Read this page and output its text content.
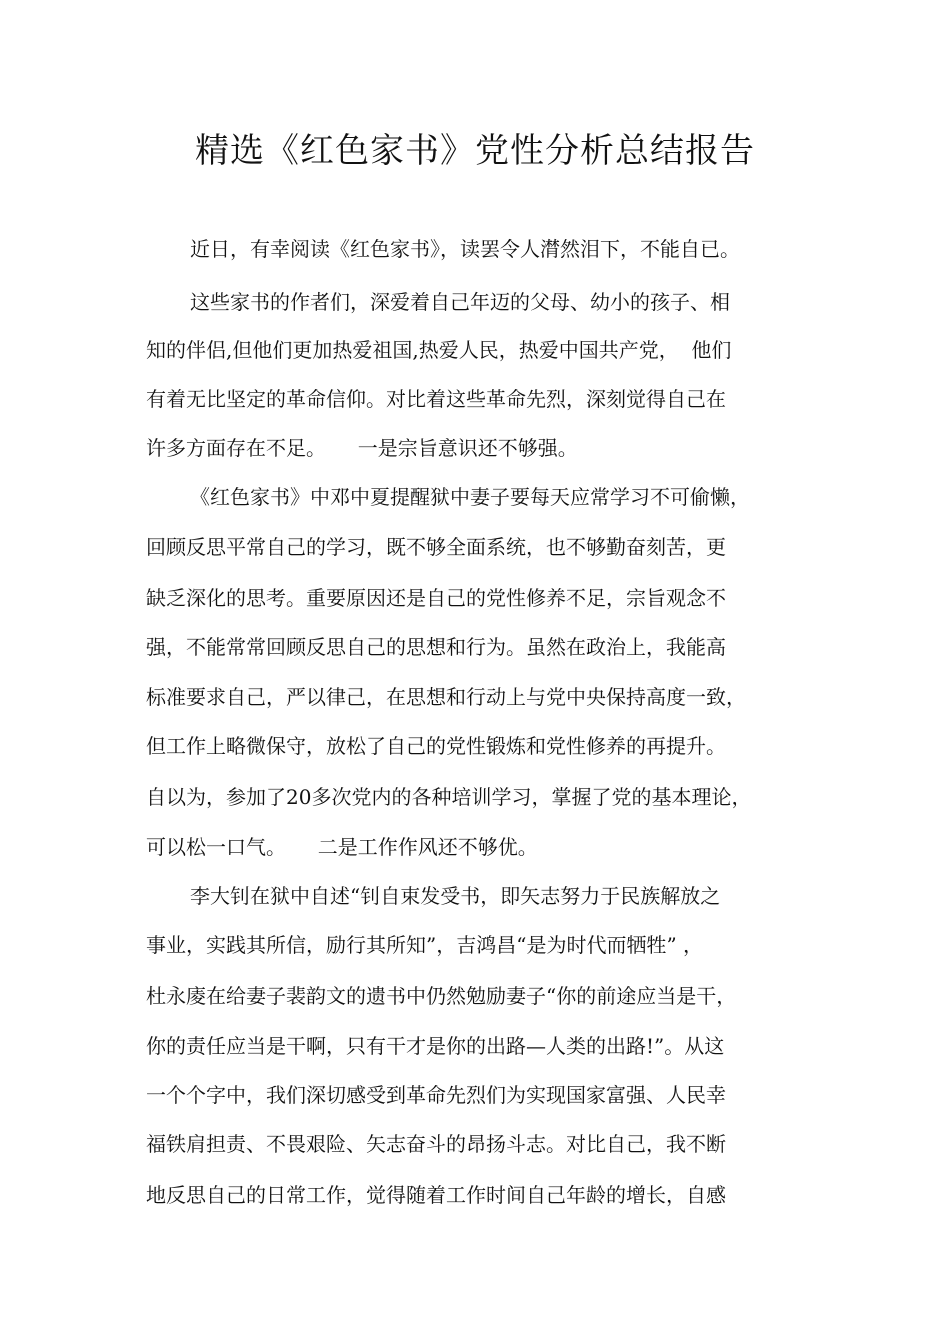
精选《红色家书》党性分析总结报告
近日，有幸阅读《红色家书》，读罢令人潸然泪下，不能自已。
这些家书的作者们，深爱着自己年迈的父母、幼小的孩子、相
知的伴侣,但他们更加热爱祖国,热爱人民，热爱中国共产党，  他们
有着无比坚定的革命信仰。对比着这些革命先烈，深刻觉得自己在
许多方面存在不足。     一是宗旨意识还不够强。
《红色家书》中邓中夏提醒狱中妻子要每天应常学习不可偷懒，
回顾反思平常自己的学习，既不够全面系统，也不够勤奋刻苦，更
缺乏深化的思考。重要原因还是自己的党性修养不足，宗旨观念不
强，不能常常回顾反思自己的思想和行为。虽然在政治上，我能高
标准要求自己，严以律己，在思想和行动上与党中央保持高度一致，
但工作上略微保守，放松了自己的党性锻炼和党性修养的再提升。
自以为，参加了20多次党内的各种培训学习，掌握了党的基本理论，
可以松一口气。     二是工作作风还不够优。
李大钊在狱中自述“钊自束发受书，即矢志努力于民族解放之
事业，实践其所信，励行其所知”，吉鸿昌“是为时代而牺牲” ，
杜永庱在给妻子裴韵文的遗书中仍然勉励妻子“你的前途应当是干，
你的责任应当是干啊，只有干才是你的出路—人类的出路!”。从这
一个个字中，我们深切感受到革命先烈们为实现国家富强、人民幸
福铁肩担责、不畏艰险、矢志奋斗的昂扬斗志。对比自己，我不断
地反思自己的日常工作，觉得随着工作时间自己年龄的增长，自感
